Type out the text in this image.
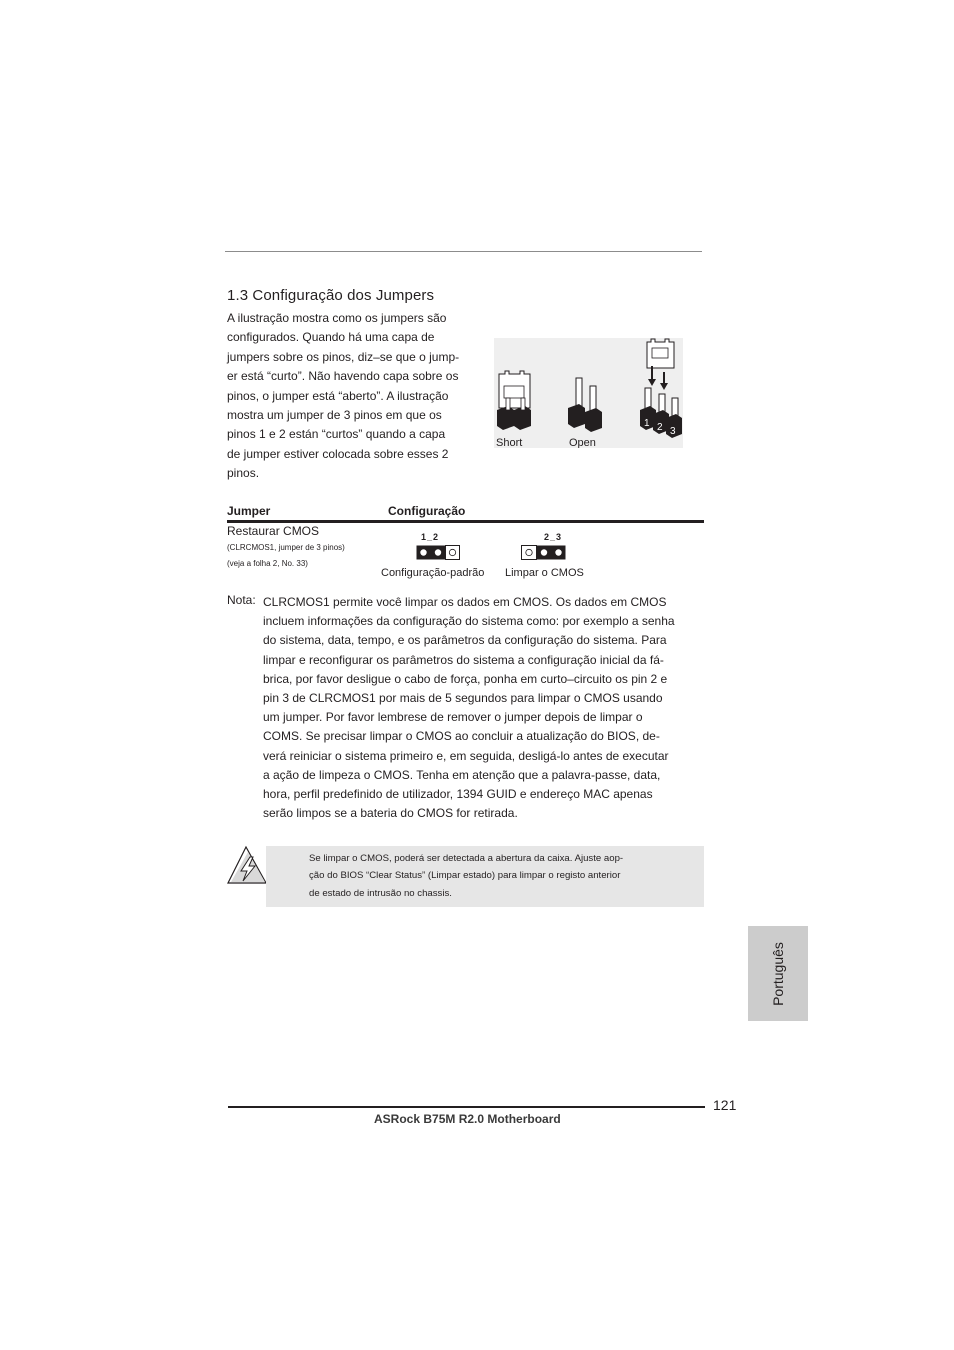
1.3 Configuração dos Jumpers
A ilustração mostra como os jumpers são
configurados. Quando há uma capa de
jumpers sobre os pinos, diz–se que o jump-
er está “curto”. Não havendo capa sobre os
pinos, o jumper está “aberto”. A ilustração
mostra um jumper de 3 pinos em que os
pinos 1 e 2 están “curtos” quando a capa
de jumper estiver colocada sobre esses 2
pinos.
Short	Open
1 2 3
Jumper	Configuração
Restaurar CMOS
(CLRCMOS1, jumper de 3 pinos)
(veja a folha 2, No. 33)
1_2	2_3
Configuração-padrão Limpar o CMOS
Nota: CLRCMOS1 permite você limpar os dados em CMOS. Os dados em CMOS
incluem informações da configuração do sistema como: por exemplo a senha
do sistema, data, tempo, e os parâmetros da configuração do sistema. Para
limpar e reconfigurar os parâmetros do sistema a configuração inicial da fá-
brica, por favor desligue o cabo de força, ponha em curto–circuito os pin 2 e
pin 3 de CLRCMOS1 por mais de 5 segundos para limpar o CMOS usando
um jumper. Por favor lembrese de remover o jumper depois de limpar o
COMS. Se precisar limpar o CMOS ao concluir a atualização do BIOS, de-
verá reiniciar o sistema primeiro e, em seguida, desligá-lo antes de executar
a ação de limpeza o CMOS. Tenha em atenção que a palavra-passe, data,
hora, perfil predefinido de utilizador, 1394 GUID e endereço MAC apenas
serão limpos se a bateria do CMOS for retirada.
Se limpar o CMOS, poderá ser detectada a abertura da caixa. Ajuste aop-
ção do BIOS “Clear Status” (Limpar estado) para limpar o registo anterior
de estado de intrusão no chassis.
Português
121
ASRock B75M R2.0 Motherboard
